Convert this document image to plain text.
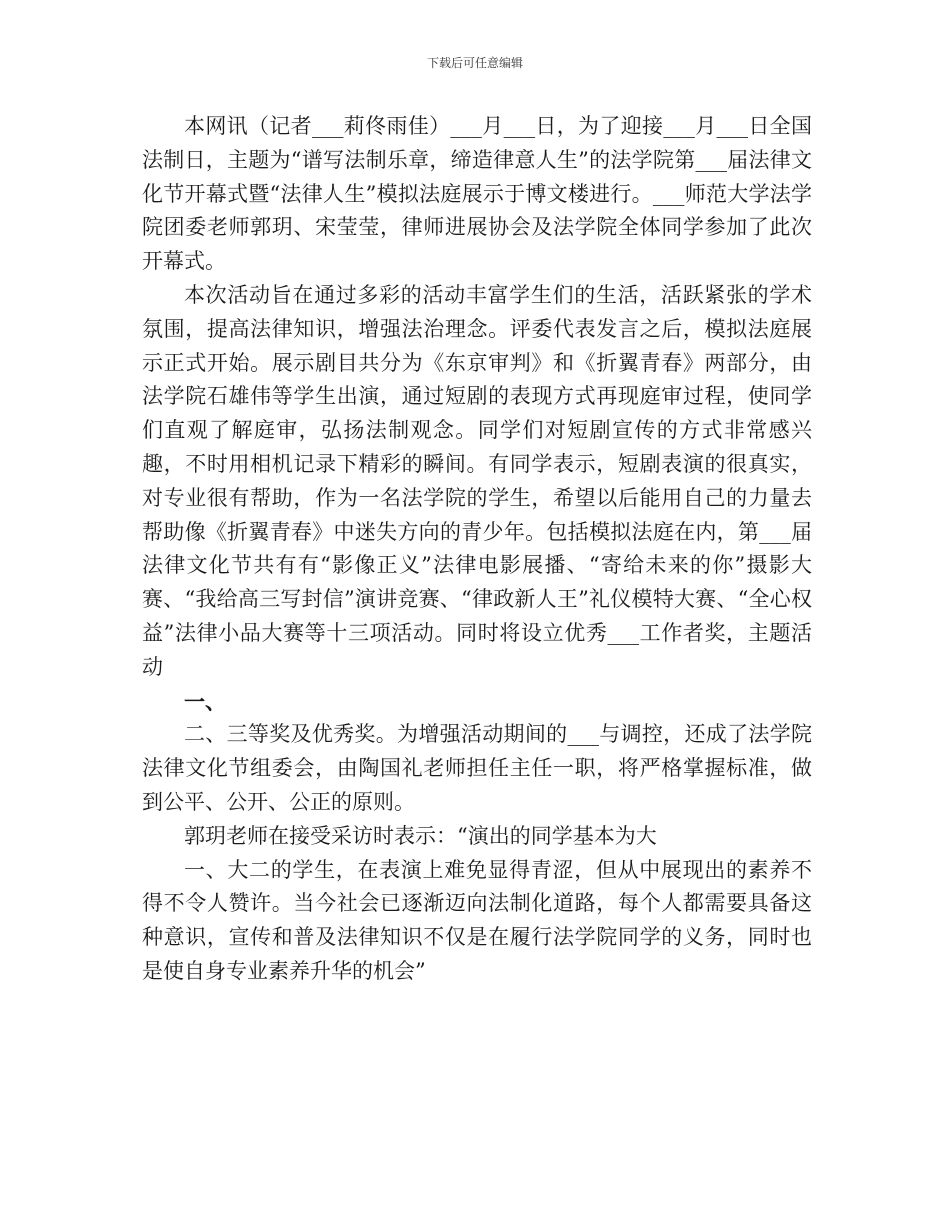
下载后可任意编辑

本网讯（记者___莉佟雨佳）___月___日，为了迎接___月___日全国法制日，主题为“谱写法制乐章，缔造律意人生”的法学院第___届法律文化节开幕式暨“法律人生”模拟法庭展示于博文楼进行。___师范大学法学院团委老师郭玥、宋莹莹，律师进展协会及法学院全体同学参加了此次开幕式。

本次活动旨在通过多彩的活动丰富学生们的生活，活跃紧张的学术氛围，提高法律知识，增强法治理念。评委代表发言之后，模拟法庭展示正式开始。展示剧目共分为《东京审判》和《折翼青春》两部分，由法学院石雄伟等学生出演，通过短剧的表现方式再现庭审过程，使同学们直观了解庭审，弘扬法制观念。同学们对短剧宣传的方式非常感兴趣，不时用相机记录下精彩的瞬间。有同学表示，短剧表演的很真实，对专业很有帮助，作为一名法学院的学生，希望以后能用自己的力量去帮助像《折翼青春》中迷失方向的青少年。包括模拟法庭在内，第___届法律文化节共有有“影像正义”法律电影展播、“寄给未来的你”摄影大赛、“我给高三写封信”演讲竞赛、“律政新人王”礼仪模特大赛、“全心权益”法律小品大赛等十三项活动。同时将设立优秀___工作者奖，主题活动

一、

二、三等奖及优秀奖。为增强活动期间的___与调控，还成了法学院法律文化节组委会，由陶国礼老师担任主任一职，将严格掌握标准，做到公平、公开、公正的原则。

郭玥老师在接受采访时表示：“演出的同学基本为大

一、大二的学生，在表演上难免显得青涩，但从中展现出的素养不得不令人赞许。当今社会已逐渐迈向法制化道路，每个人都需要具备这种意识，宣传和普及法律知识不仅是在履行法学院同学的义务，同时也是使自身专业素养升华的机会”
